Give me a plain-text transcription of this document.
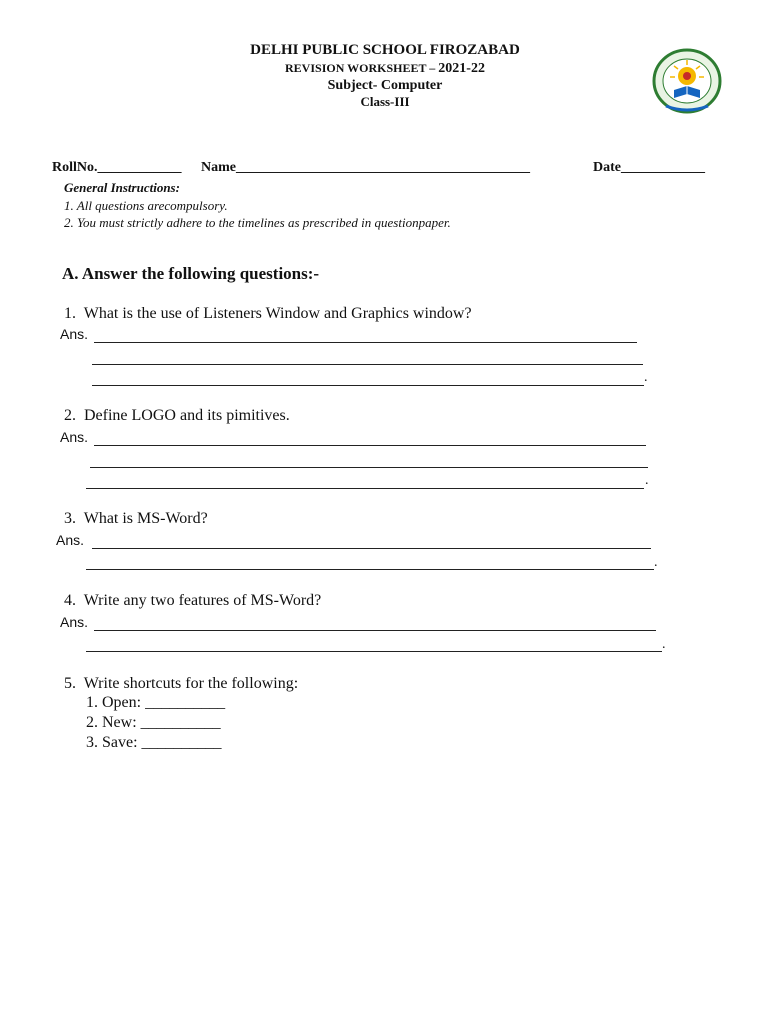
DELHI PUBLIC SCHOOL FIROZABAD
REVISION WORKSHEET – 2021-22
Subject- Computer
Class-III
RollNo.____________ Name__________________________________________	Date____________
General Instructions:
1. All questions arecompulsory.
2. You must strictly adhere to the timelines as prescribed in questionpaper.
A. Answer the following questions:-
1.  What is the use of Listeners Window and Graphics window?
Ans.
.
2.  Define LOGO and its pimitives.
Ans.
.
3.  What is MS-Word?
Ans.
.
4.  Write any two features of MS-Word?
Ans.
.
5.  Write shortcuts for the following:
1. Open: __________
2. New: __________
3. Save: __________
